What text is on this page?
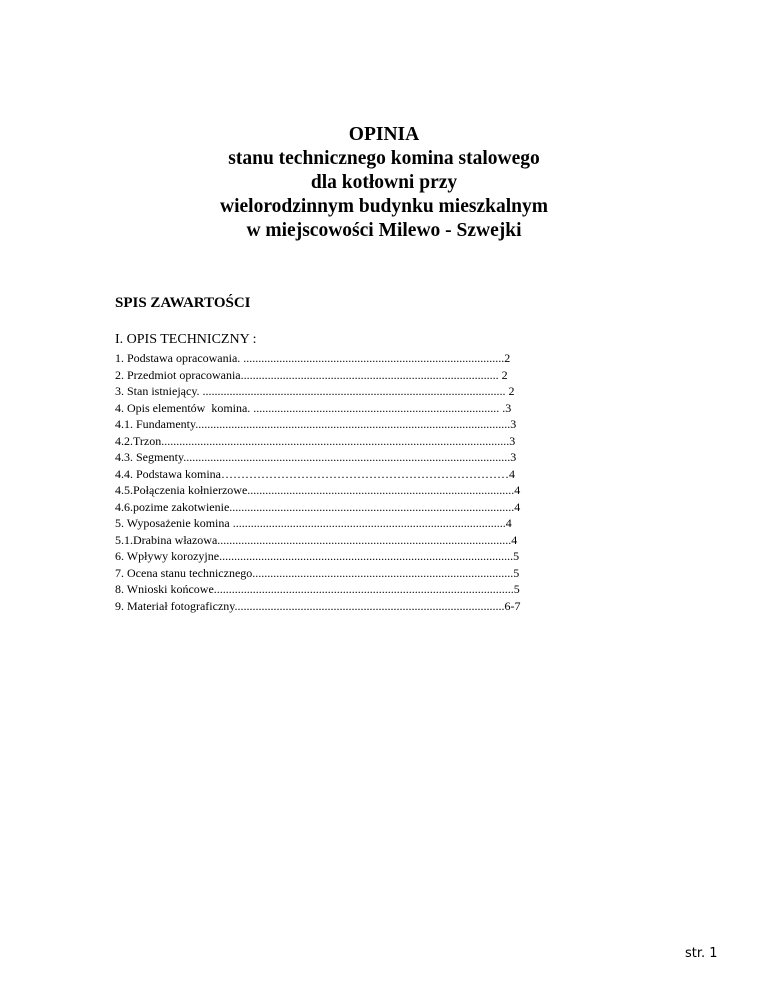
OPINIA
stanu technicznego komina stalowego
dla kotłowni przy
wielorodzinnym budynku mieszkalnym
w miejscowości Milewo - Szwejki
SPIS ZAWARTOŚCI
I. OPIS TECHNICZNY :
1. Podstawa opracowania. .......................................................................................2
2. Przedmiot opracowania...................................................................................... 2
3. Stan istniejący. ..................................................................................................... 2
4. Opis elementów  komina. .................................................................................. .3
4.1. Fundamenty.........................................................................................................3
4.2.Trzon....................................................................................................................3
4.3. Segmenty.............................................................................................................3
4.4. Podstawa komina………………………………………………………………4
4.5.Połączenia kołnierzowe.........................................................................................4
4.6.pozime zakotwienie...............................................................................................4
5. Wyposażenie komina ...........................................................................................4
5.1.Drabina włazowa..................................................................................................4
6. Wpływy korozyjne..................................................................................................5
7. Ocena stanu technicznego.......................................................................................5
8. Wnioski końcowe....................................................................................................5
9. Materiał fotograficzny..........................................................................................6-7
str. 1
